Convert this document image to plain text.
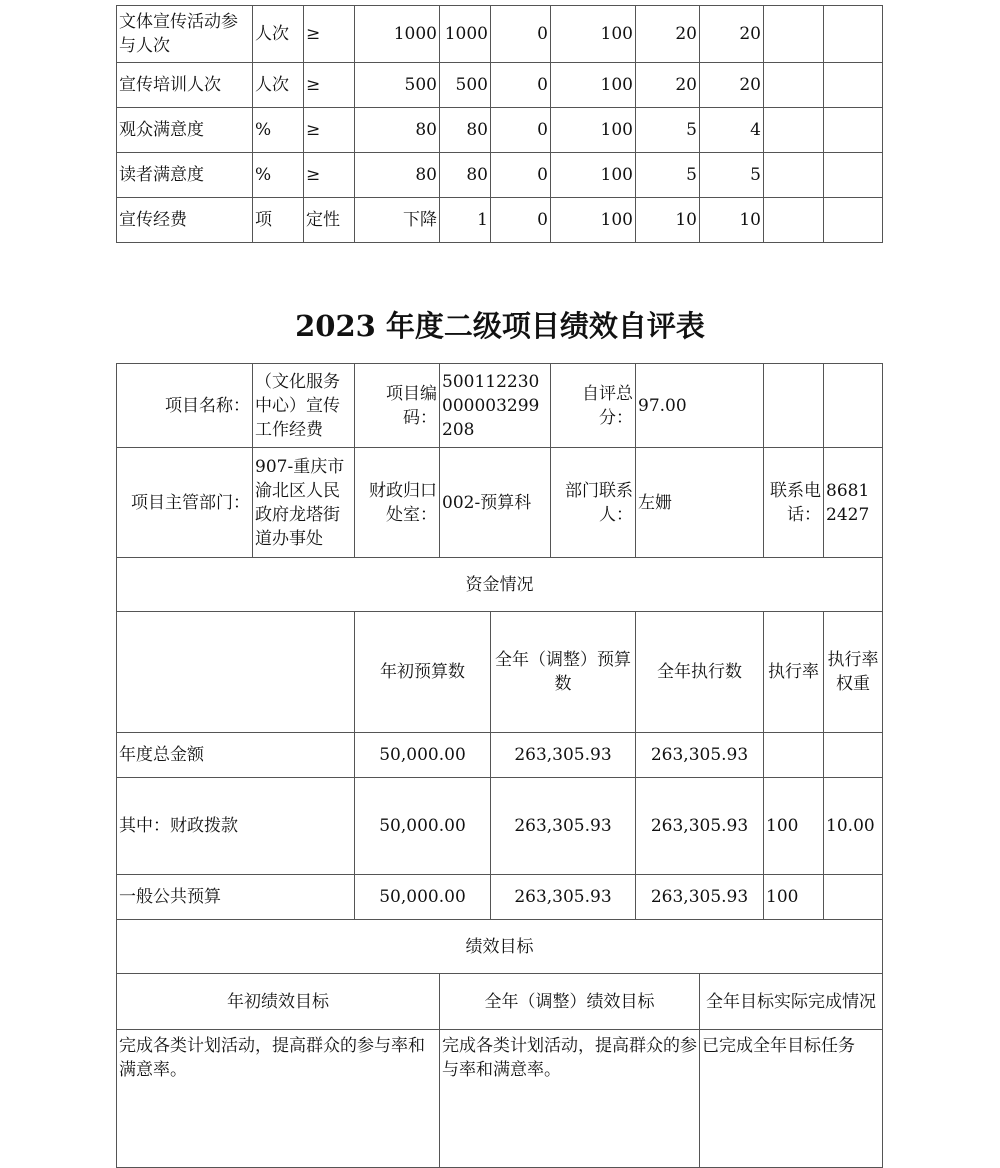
文体宣传活动参与人次	人次	≥	1000	1000	0	100	20	20		
宣传培训人次	人次	≥	500	500	0	100	20	20		
观众满意度	%	≥	80	80	0	100	5	4		
读者满意度	%	≥	80	80	0	100	5	5		
宣传经费	项	定性	下降	1	0	100	10	10		
2023 年度二级项目绩效自评表
项目名称：	（文化服务中心）宣传工作经费	项目编码：	500112230000003299208		自评总分：	97.00				
项目主管部门：	907-重庆市渝北区人民政府龙塔街道办事处	财政归口处室：	002-预算科		部门联系人：	左姗		联系电话：	86812427	
资金情况										
		年初预算数		全年（调整）预算数		全年执行数		执行率	执行率权重	
年度总金额		50,000.00		263,305.93		263,305.93				
其中：财政拨款		50,000.00		263,305.93		263,305.93		100	10.00	
一般公共预算		50,000.00		263,305.93		263,305.93		100		
绩效目标										
年初绩效目标			全年（调整）绩效目标				全年目标实际完成情况			
完成各类计划活动，提高群众的参与率和满意率。			完成各类计划活动，提高群众的参与率和满意率。				已完成全年目标任务			
